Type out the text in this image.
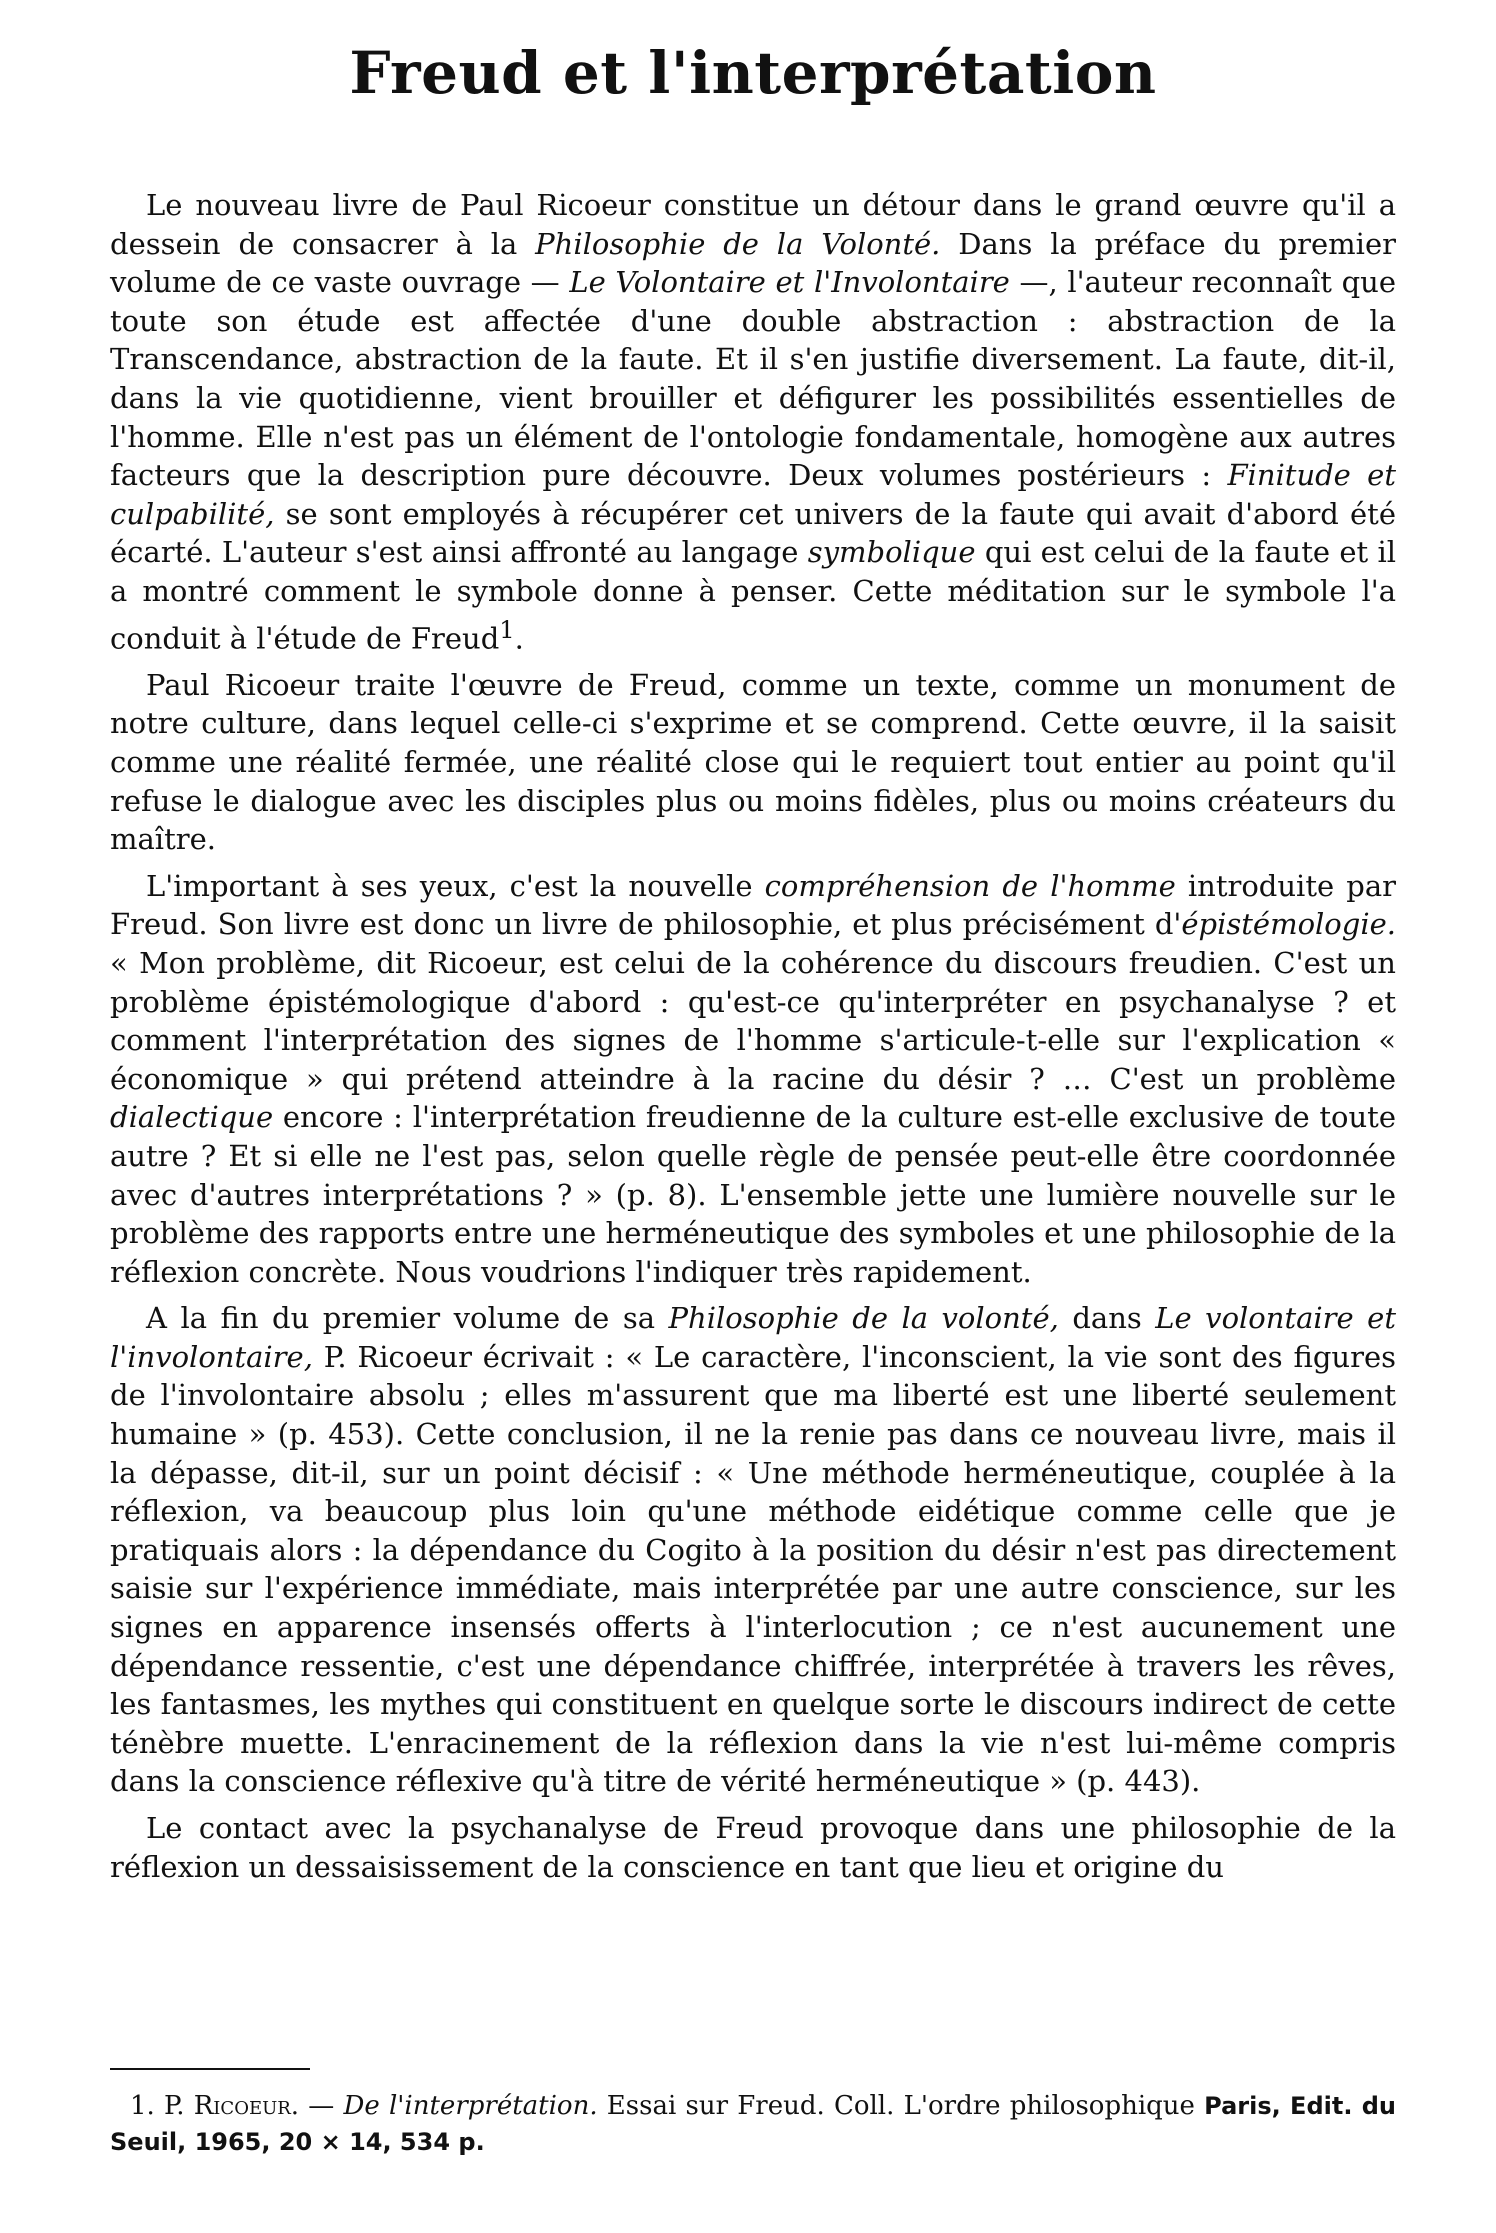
Freud et l'interprétation

Le nouveau livre de Paul Ricoeur constitue un détour dans le grand œuvre qu'il a dessein de consacrer à la Philosophie de la Volonté. Dans la préface du premier volume de ce vaste ouvrage — Le Volontaire et l'Involontaire —, l'auteur reconnaît que toute son étude est affectée d'une double abstraction : abstraction de la Transcendance, abstraction de la faute. Et il s'en justifie diversement. La faute, dit-il, dans la vie quotidienne, vient brouiller et défigurer les possibilités essentielles de l'homme. Elle n'est pas un élément de l'ontologie fondamentale, homogène aux autres facteurs que la description pure découvre. Deux volumes postérieurs : Finitude et culpabilité, se sont employés à récupérer cet univers de la faute qui avait d'abord été écarté. L'auteur s'est ainsi affronté au langage symbolique qui est celui de la faute et il a montré comment le symbole donne à penser. Cette méditation sur le symbole l'a conduit à l'étude de Freud$^1$.

Paul Ricoeur traite l'œuvre de Freud, comme un texte, comme un monument de notre culture, dans lequel celle-ci s'exprime et se comprend. Cette œuvre, il la saisit comme une réalité fermée, une réalité close qui le requiert tout entier au point qu'il refuse le dialogue avec les disciples plus ou moins fidèles, plus ou moins créateurs du maître.

L'important à ses yeux, c'est la nouvelle compréhension de l'homme introduite par Freud. Son livre est donc un livre de philosophie, et plus précisément d'épistémologie. « Mon problème, dit Ricoeur, est celui de la cohérence du discours freudien. C'est un problème épistémologique d'abord : qu'est-ce qu'interpréter en psychanalyse ? et comment l'interprétation des signes de l'homme s'articule-t-elle sur l'explication « économique » qui prétend atteindre à la racine du désir ? … C'est un problème dialectique encore : l'interprétation freudienne de la culture est-elle exclusive de toute autre ? Et si elle ne l'est pas, selon quelle règle de pensée peut-elle être coordonnée avec d'autres interprétations ? » (p. 8). L'ensemble jette une lumière nouvelle sur le problème des rapports entre une herméneutique des symboles et une philosophie de la réflexion concrète. Nous voudrions l'indiquer très rapidement.

A la fin du premier volume de sa Philosophie de la volonté, dans Le volontaire et l'involontaire, P. Ricoeur écrivait : « Le caractère, l'inconscient, la vie sont des figures de l'involontaire absolu ; elles m'assurent que ma liberté est une liberté seulement humaine » (p. 453). Cette conclusion, il ne la renie pas dans ce nouveau livre, mais il la dépasse, dit-il, sur un point décisif : « Une méthode herméneutique, couplée à la réflexion, va beaucoup plus loin qu'une méthode eidétique comme celle que je pratiquais alors : la dépendance du Cogito à la position du désir n'est pas directement saisie sur l'expérience immédiate, mais interprétée par une autre conscience, sur les signes en apparence insensés offerts à l'interlocution ; ce n'est aucunement une dépendance ressentie, c'est une dépendance chiffrée, interprétée à travers les rêves, les fantasmes, les mythes qui constituent en quelque sorte le discours indirect de cette ténèbre muette. L'enracinement de la réflexion dans la vie n'est lui-même compris dans la conscience réflexive qu'à titre de vérité herméneutique » (p. 443).

Le contact avec la psychanalyse de Freud provoque dans une philosophie de la réflexion un dessaisissement de la conscience en tant que lieu et origine du

1. P. Ricoeur. — De l'interprétation. Essai sur Freud. Coll. L'ordre philosophique Paris, Edit. du Seuil, 1965, 20 × 14, 534 p.
